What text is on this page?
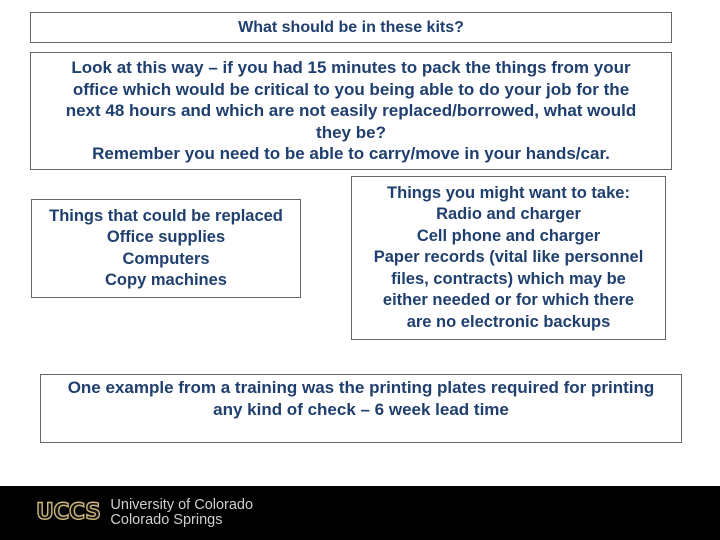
What should be in these kits?
Look at this way – if you had 15 minutes to pack the things from your
office which would be critical to you being able to do your job for the
next 48 hours and which are not easily replaced/borrowed, what would
they be?
Remember you need to be able to carry/move in your hands/car.
Things that could be replaced
Office supplies
Computers
Copy machines
Things you might want to take:
Radio and charger
Cell phone and charger
Paper records (vital like personnel
files, contracts) which may be
either needed or for which there
are no electronic backups
One example from a training was the printing plates required for printing
any kind of check – 6 week lead time
UCCS University of Colorado
Colorado Springs
